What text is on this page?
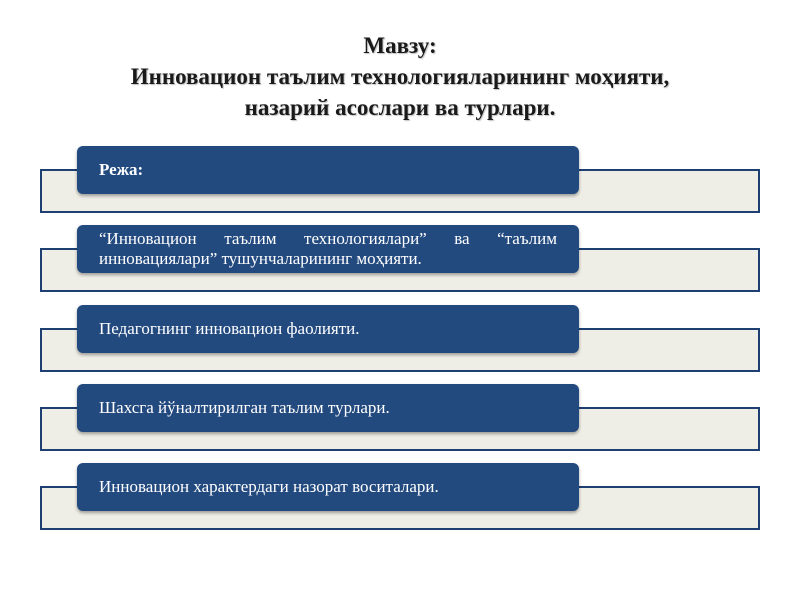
Мавзу:
Инновацион таълим технологияларининг моҳияти,
назарий асослари ва турлари.
Режа:
“Инновацион таълим технологиялари” ва “таълим инновациялари” тушунчаларининг моҳияти.
Педагогнинг инновацион фаолияти.
Шахсга йўналтирилган таълим турлари.
Инновацион характердаги назорат воситалари.
